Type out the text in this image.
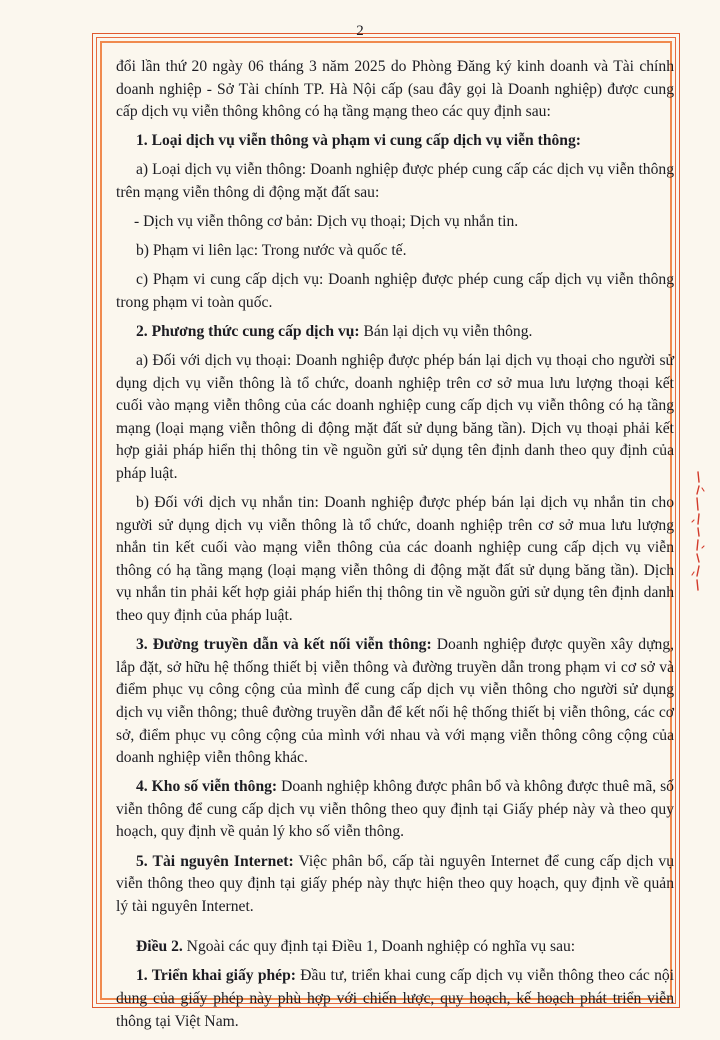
2

đổi lần thứ 20 ngày 06 tháng 3 năm 2025 do Phòng Đăng ký kinh doanh và Tài chính doanh nghiệp - Sở Tài chính TP. Hà Nội cấp (sau đây gọi là Doanh nghiệp) được cung cấp dịch vụ viễn thông không có hạ tầng mạng theo các quy định sau:

1. Loại dịch vụ viễn thông và phạm vi cung cấp dịch vụ viễn thông:

a) Loại dịch vụ viễn thông: Doanh nghiệp được phép cung cấp các dịch vụ viễn thông trên mạng viễn thông di động mặt đất sau:

- Dịch vụ viễn thông cơ bản: Dịch vụ thoại; Dịch vụ nhắn tin.

b) Phạm vi liên lạc: Trong nước và quốc tế.

c) Phạm vi cung cấp dịch vụ: Doanh nghiệp được phép cung cấp dịch vụ viễn thông trong phạm vi toàn quốc.

2. Phương thức cung cấp dịch vụ: Bán lại dịch vụ viễn thông.

a) Đối với dịch vụ thoại: Doanh nghiệp được phép bán lại dịch vụ thoại cho người sử dụng dịch vụ viễn thông là tổ chức, doanh nghiệp trên cơ sở mua lưu lượng thoại kết cuối vào mạng viễn thông của các doanh nghiệp cung cấp dịch vụ viễn thông có hạ tầng mạng (loại mạng viễn thông di động mặt đất sử dụng băng tần). Dịch vụ thoại phải kết hợp giải pháp hiển thị thông tin về nguồn gửi sử dụng tên định danh theo quy định của pháp luật.

b) Đối với dịch vụ nhắn tin: Doanh nghiệp được phép bán lại dịch vụ nhắn tin cho người sử dụng dịch vụ viễn thông là tổ chức, doanh nghiệp trên cơ sở mua lưu lượng nhắn tin kết cuối vào mạng viễn thông của các doanh nghiệp cung cấp dịch vụ viễn thông có hạ tầng mạng (loại mạng viễn thông di động mặt đất sử dụng băng tần). Dịch vụ nhắn tin phải kết hợp giải pháp hiển thị thông tin về nguồn gửi sử dụng tên định danh theo quy định của pháp luật.

3. Đường truyền dẫn và kết nối viễn thông: Doanh nghiệp được quyền xây dựng, lắp đặt, sở hữu hệ thống thiết bị viễn thông và đường truyền dẫn trong phạm vi cơ sở và điểm phục vụ công cộng của mình để cung cấp dịch vụ viễn thông cho người sử dụng dịch vụ viễn thông; thuê đường truyền dẫn để kết nối hệ thống thiết bị viễn thông, các cơ sở, điểm phục vụ công cộng của mình với nhau và với mạng viễn thông công cộng của doanh nghiệp viễn thông khác.

4. Kho số viễn thông: Doanh nghiệp không được phân bổ và không được thuê mã, số viễn thông để cung cấp dịch vụ viễn thông theo quy định tại Giấy phép này và theo quy hoạch, quy định về quản lý kho số viễn thông.

5. Tài nguyên Internet: Việc phân bổ, cấp tài nguyên Internet để cung cấp dịch vụ viễn thông theo quy định tại giấy phép này thực hiện theo quy hoạch, quy định về quản lý tài nguyên Internet.

Điều 2. Ngoài các quy định tại Điều 1, Doanh nghiệp có nghĩa vụ sau:

1. Triển khai giấy phép: Đầu tư, triển khai cung cấp dịch vụ viễn thông theo các nội dung của giấy phép này phù hợp với chiến lược, quy hoạch, kế hoạch phát triển viễn thông tại Việt Nam.
